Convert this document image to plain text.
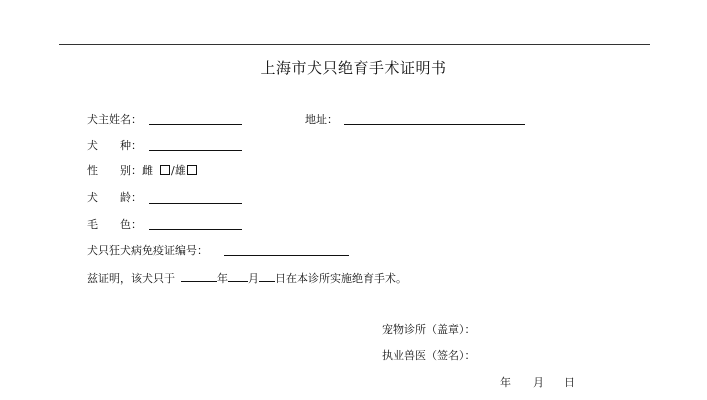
上海市犬只绝育手术证明书
犬主姓名：	地址：
犬 种：
性 别：雌 /雄
犬 龄：
毛 色：
犬只狂犬病免疫证编号：
兹证明，该犬只于	年 月 日在本诊所实施绝育手术。
宠物诊所（盖章）：
执业兽医（签名）：
年 月 日
